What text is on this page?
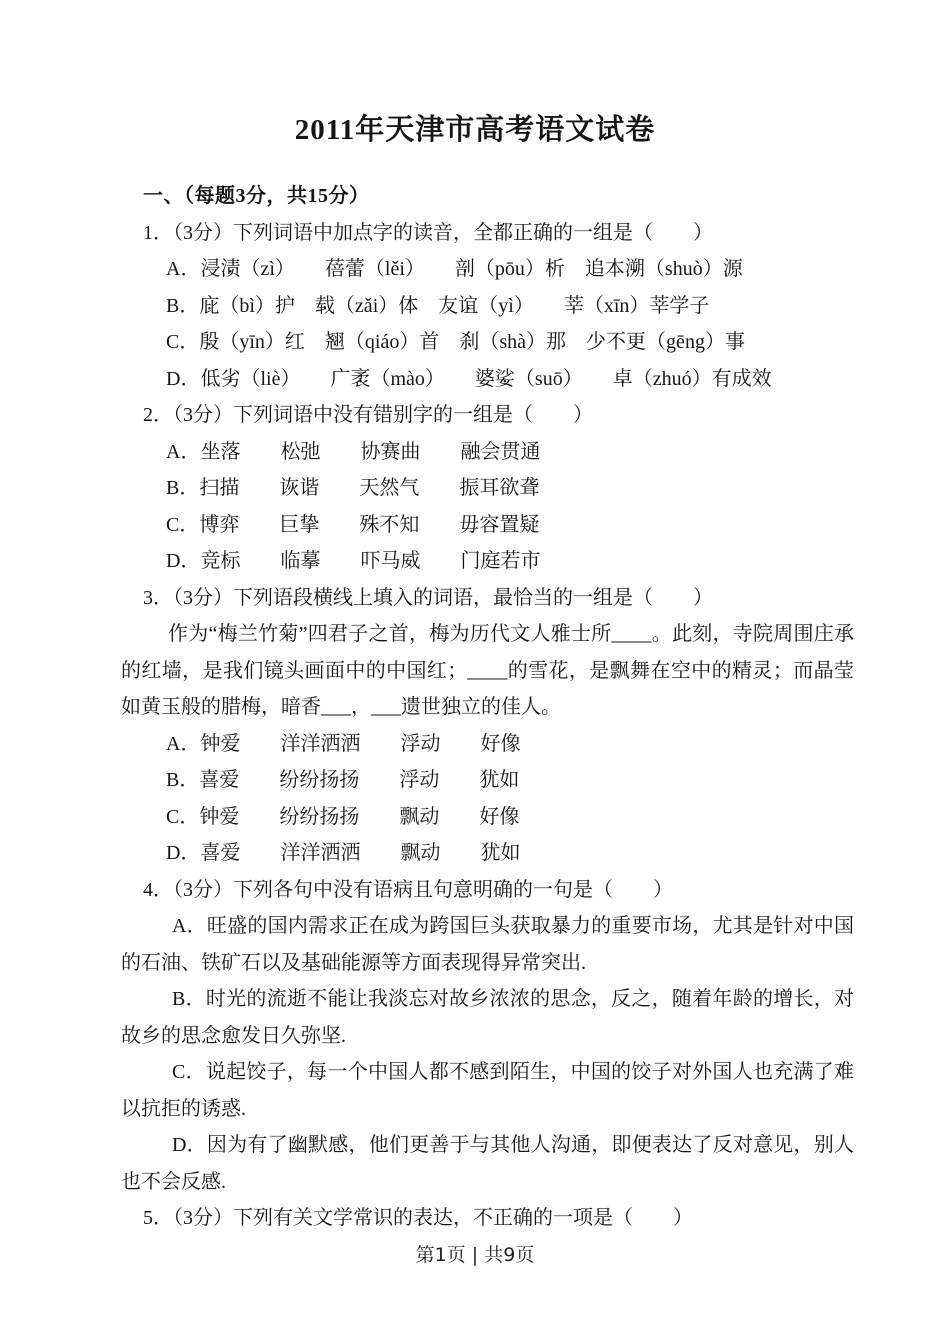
2011年天津市高考语文试卷

一、（每题3分，共15分）

1．（3分）下列词语中加点字的读音，全都正确的一组是（　　）

A．浸渍 •（zì）　　 蓓蕾 •（lěi）　　 剖 •（pōu）析　 追本溯 •（shuò）源

B．庇 •（bì）护　 载 •（zǎi）体　 友谊 •（yì）　　 莘 •（xīn）莘学子

C．殷 •（yīn）红　 翘 •（qiáo）首　 刹 •（shà）那　 少不更 •（gēng）事

D．低劣 •（liè）　　 广袤 •（mào）　　 婆娑 •（suō）　　 卓 •（zhuó）有成效

2．（3分）下列词语中没有错别字的一组是（　　）

A．坐落　　松弛　　协赛曲　　融会贯通

B．扫描　　诙谐　　天然气　　振耳欲聋

C．博弈　　巨挚　　殊不知　　毋容置疑

D．竞标　　临摹　　吓马威　　门庭若市

3．（3分）下列语段横线上填入的词语，最恰当的一组是（　　）

作为“梅兰竹菊”四君子之首，梅为历代文人雅士所____。此刻，寺院周围庄承的红墙，是我们镜头画面中的中国红；____的雪花，是飘舞在空中的精灵；而晶莹如黄玉般的腊梅，暗香___，___遗世独立的佳人。

A．钟爱　　洋洋洒洒　　浮动　　好像

B．喜爱　　纷纷扬扬　　浮动　　犹如

C．钟爱　　纷纷扬扬　　飘动　　好像

D．喜爱　　洋洋洒洒　　飘动　　犹如

4．（3分）下列各句中没有语病且句意明确的一句是（　　）

A．旺盛的国内需求正在成为跨国巨头获取暴力的重要市场，尤其是针对中国的石油、铁矿石以及基础能源等方面表现得异常突出.

B．时光的流逝不能让我淡忘对故乡浓浓的思念，反之，随着年龄的增长，对故乡的思念愈发日久弥坚.

C．说起饺子，每一个中国人都不感到陌生，中国的饺子对外国人也充满了难以抗拒的诱惑.

D．因为有了幽默感，他们更善于与其他人沟通，即便表达了反对意见，别人也不会反感.

5．（3分）下列有关文学常识的表达，不正确的一项是（　　）

第1页 | 共9页
